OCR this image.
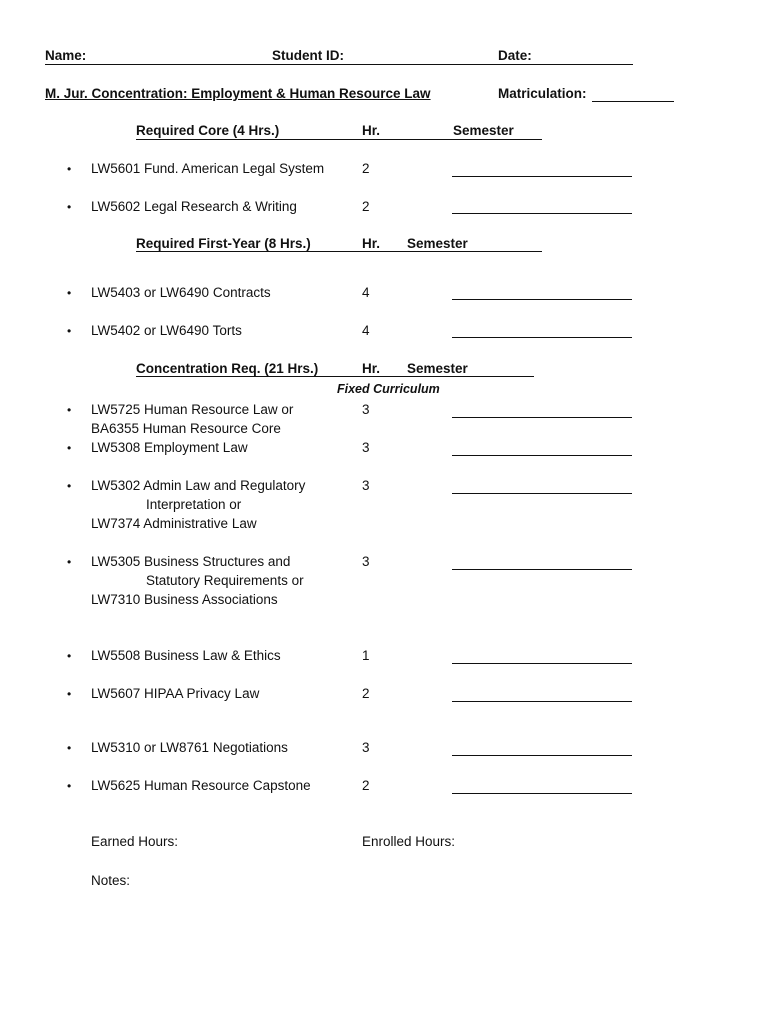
Name:	Student ID:	Date:
M. Jur. Concentration: Employment & Human Resource Law	Matriculation:
Required Core (4 Hrs.)	Hr.	Semester
• LW5601 Fund. American Legal System	2
• LW5602 Legal Research & Writing	2
Required First-Year (8 Hrs.)	Hr. Semester
• LW5403 or LW6490 Contracts	4
• LW5402 or LW6490 Torts	4
Concentration Req. (21 Hrs.)	Hr. Semester
Fixed Curriculum
• LW5725 Human Resource Law or
BA6355 Human Resource Core
3
• LW5308 Employment Law	3
• LW5302 Admin Law and Regulatory
Interpretation or
LW7374 Administrative Law
3
• LW5305 Business Structures and
Statutory Requirements or
LW7310 Business Associations
3
• LW5508 Business Law & Ethics	1
• LW5607 HIPAA Privacy Law	2
• LW5310 or LW8761 Negotiations	3
• LW5625 Human Resource Capstone	2
Earned Hours:	Enrolled Hours:
Notes:
